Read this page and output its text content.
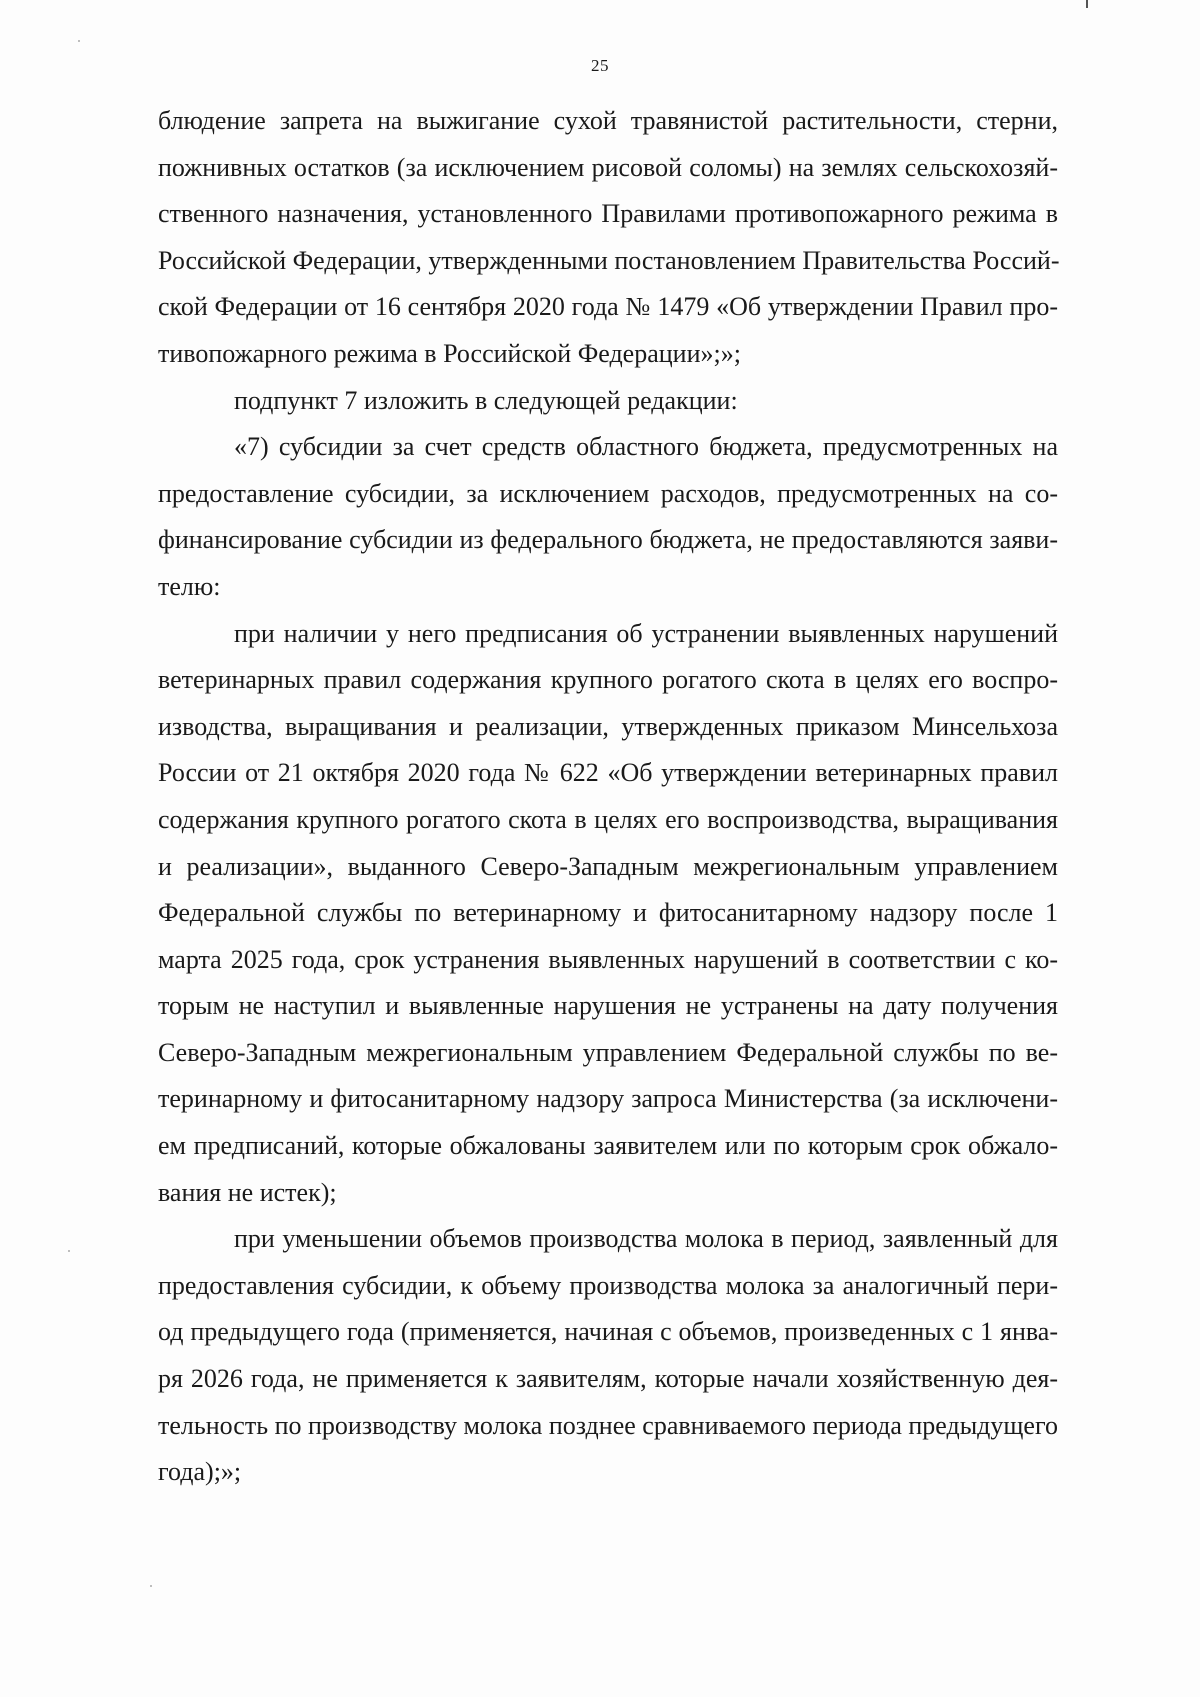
25
блюдение запрета на выжигание сухой травянистой растительности, стерни,
пожнивных остатков (за исключением рисовой соломы) на землях сельскохозяй-
ственного назначения, установленного Правилами противопожарного режима в
Российской Федерации, утвержденными постановлением Правительства Россий-
ской Федерации от 16 сентября 2020 года № 1479 «Об утверждении Правил про-
тивопожарного режима в Российской Федерации»;»;
подпункт 7 изложить в следующей редакции:
«7) субсидии за счет средств областного бюджета, предусмотренных на
предоставление субсидии, за исключением расходов, предусмотренных на со-
финансирование субсидии из федерального бюджета, не предоставляются заяви-
телю:
при наличии у него предписания об устранении выявленных нарушений
ветеринарных правил содержания крупного рогатого скота в целях его воспро-
изводства, выращивания и реализации, утвержденных приказом Минсельхоза
России от 21 октября 2020 года № 622 «Об утверждении ветеринарных правил
содержания крупного рогатого скота в целях его воспроизводства, выращивания
и реализации», выданного Северо-Западным межрегиональным управлением
Федеральной службы по ветеринарному и фитосанитарному надзору после 1
марта 2025 года, срок устранения выявленных нарушений в соответствии с ко-
торым не наступил и выявленные нарушения не устранены на дату получения
Северо-Западным межрегиональным управлением Федеральной службы по ве-
теринарному и фитосанитарному надзору запроса Министерства (за исключени-
ем предписаний, которые обжалованы заявителем или по которым срок обжало-
вания не истек);
при уменьшении объемов производства молока в период, заявленный для
предоставления субсидии, к объему производства молока за аналогичный пери-
од предыдущего года (применяется, начиная с объемов, произведенных с 1 янва-
ря 2026 года, не применяется к заявителям, которые начали хозяйственную дея-
тельность по производству молока позднее сравниваемого периода предыдущего
года);»;
